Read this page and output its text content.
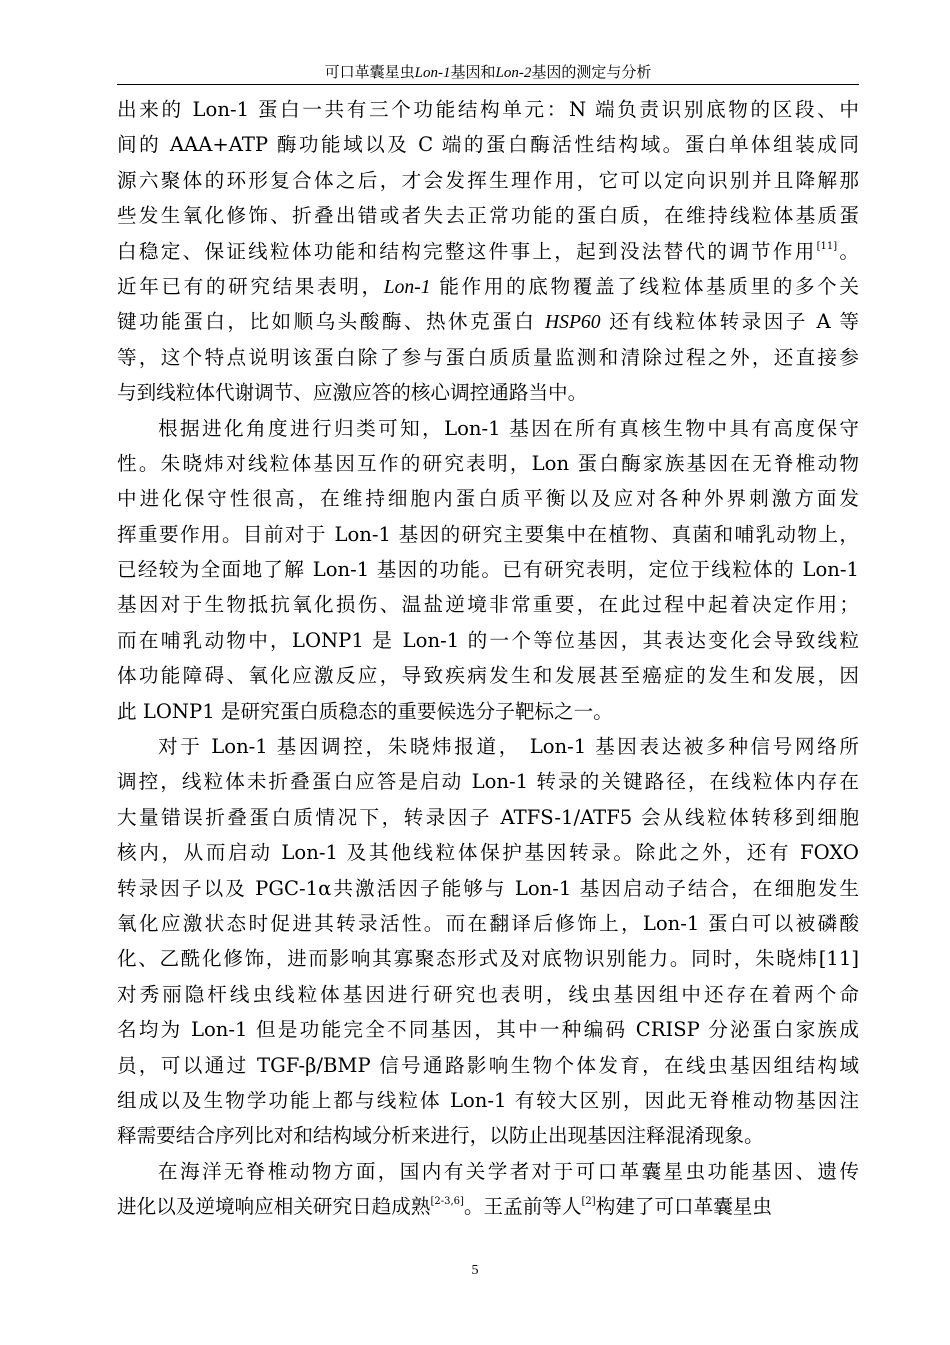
可口革囊星虫Lon-1基因和Lon-2基因的测定与分析
出来的 Lon-1 蛋白一共有三个功能结构单元：N 端负责识别底物的区段、中
间的 AAA+ATP 酶功能域以及 C 端的蛋白酶活性结构域。蛋白单体组装成同
源六聚体的环形复合体之后，才会发挥生理作用，它可以定向识别并且降解那
些发生氧化修饰、折叠出错或者失去正常功能的蛋白质，在维持线粒体基质蛋
白稳定、保证线粒体功能和结构完整这件事上，起到没法替代的调节作用[11]。
近年已有的研究结果表明，Lon-1 能作用的底物覆盖了线粒体基质里的多个关
键功能蛋白，比如顺乌头酸酶、热休克蛋白 HSP60 还有线粒体转录因子 A 等
等，这个特点说明该蛋白除了参与蛋白质质量监测和清除过程之外，还直接参
与到线粒体代谢调节、应激应答的核心调控通路当中。
根据进化角度进行归类可知，Lon-1 基因在所有真核生物中具有高度保守
性。朱晓炜对线粒体基因互作的研究表明，Lon 蛋白酶家族基因在无脊椎动物
中进化保守性很高，在维持细胞内蛋白质平衡以及应对各种外界刺激方面发
挥重要作用。目前对于 Lon-1 基因的研究主要集中在植物、真菌和哺乳动物上，
已经较为全面地了解 Lon-1 基因的功能。已有研究表明，定位于线粒体的 Lon-1
基因对于生物抵抗氧化损伤、温盐逆境非常重要，在此过程中起着决定作用；
而在哺乳动物中，LONP1 是 Lon-1 的一个等位基因，其表达变化会导致线粒
体功能障碍、氧化应激反应，导致疾病发生和发展甚至癌症的发生和发展，因
此 LONP1 是研究蛋白质稳态的重要候选分子靶标之一。
对于 Lon-1 基因调控，朱晓炜报道， Lon-1 基因表达被多种信号网络所
调控，线粒体未折叠蛋白应答是启动 Lon-1 转录的关键路径，在线粒体内存在
大量错误折叠蛋白质情况下，转录因子 ATFS-1/ATF5 会从线粒体转移到细胞
核内，从而启动 Lon-1 及其他线粒体保护基因转录。除此之外，还有 FOXO
转录因子以及 PGC-1α共激活因子能够与 Lon-1 基因启动子结合，在细胞发生
氧化应激状态时促进其转录活性。而在翻译后修饰上，Lon-1 蛋白可以被磷酸
化、乙酰化修饰，进而影响其寡聚态形式及对底物识别能力。同时，朱晓炜[11]
对秀丽隐杆线虫线粒体基因进行研究也表明，线虫基因组中还存在着两个命
名均为 Lon-1 但是功能完全不同基因，其中一种编码 CRISP 分泌蛋白家族成
员，可以通过 TGF-β/BMP 信号通路影响生物个体发育，在线虫基因组结构域
组成以及生物学功能上都与线粒体 Lon-1 有较大区别，因此无脊椎动物基因注
释需要结合序列比对和结构域分析来进行，以防止出现基因注释混淆现象。
在海洋无脊椎动物方面，国内有关学者对于可口革囊星虫功能基因、遗传
进化以及逆境响应相关研究日趋成熟[2-3,6]。王孟前等人[2]构建了可口革囊星虫
5
